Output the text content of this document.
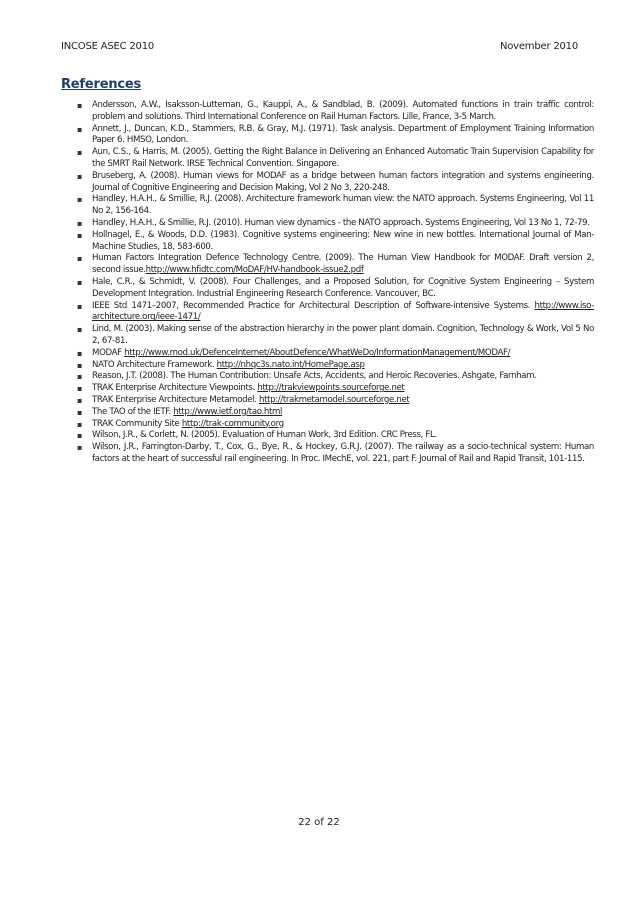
INCOSE ASEC 2010	November 2010
References
▪ Andersson, A.W., Isaksson-Lutteman, G., Kauppi, A., & Sandblad, B. (2009). Automated functions in train traffic control: problem and solutions. Third International Conference on Rail Human Factors. Lille, France, 3-5 March.
▪ Annett, J., Duncan, K.D., Stammers, R.B. & Gray, M.J. (1971). Task analysis. Department of Employment Training Information Paper 6. HMSO, London.
▪ Aun, C.S., & Harris, M. (2005). Getting the Right Balance in Delivering an Enhanced Automatic Train Supervision Capability for the SMRT Rail Network. IRSE Technical Convention. Singapore.
▪ Bruseberg, A. (2008). Human views for MODAF as a bridge between human factors integration and systems engineering. Journal of Cognitive Engineering and Decision Making, Vol 2 No 3, 220-248.
▪ Handley, H.A.H., & Smillie, R.J. (2008). Architecture framework human view: the NATO approach. Systems Engineering, Vol 11 No 2, 156-164.
▪ Handley, H.A.H., & Smillie, R.J. (2010). Human view dynamics - the NATO approach. Systems Engineering, Vol 13 No 1, 72-79.
▪ Hollnagel, E., & Woods, D.D. (1983). Cognitive systems engineering: New wine in new bottles. International Journal of Man-Machine Studies, 18, 583-600.
▪ Human Factors Integration Defence Technology Centre. (2009). The Human View Handbook for MODAF. Draft version 2, second issue.http://www.hfidtc.com/MoDAF/HV-handbook-issue2.pdf
▪ Hale, C.R., & Schmidt, V. (2008). Four Challenges, and a Proposed Solution, for Cognitive System Engineering – System Development Integration. Industrial Engineering Research Conference. Vancouver, BC.
▪ IEEE Std 1471–2007, Recommended Practice for Architectural Description of Software-intensive Systems. http://www.iso-architecture.org/ieee-1471/
▪ Lind, M. (2003). Making sense of the abstraction hierarchy in the power plant domain. Cognition, Technology & Work, Vol 5 No 2, 67-81.
▪ MODAF http://www.mod.uk/DefenceInternet/AboutDefence/WhatWeDo/InformationManagement/MODAF/
▪ NATO Architecture Framework. http://nhqc3s.nato.int/HomePage.asp
▪ Reason, J.T. (2008). The Human Contribution: Unsafe Acts, Accidents, and Heroic Recoveries. Ashgate, Farnham.
▪ TRAK Enterprise Architecture Viewpoints. http://trakviewpoints.sourceforge.net
▪ TRAK Enterprise Architecture Metamodel. http://trakmetamodel.sourceforge.net
▪ The TAO of the IETF. http://www.ietf.org/tao.html
▪ TRAK Community Site http://trak-community.org
▪ Wilson, J.R., & Corlett, N. (2005). Evaluation of Human Work, 3rd Edition. CRC Press, FL.
▪ Wilson, J.R., Farrington-Darby, T., Cox, G., Bye, R., & Hockey, G.R.J. (2007). The railway as a socio-technical system: Human factors at the heart of successful rail engineering. In Proc. IMechE, vol. 221, part F. Journal of Rail and Rapid Transit, 101-115.
22 of 22
